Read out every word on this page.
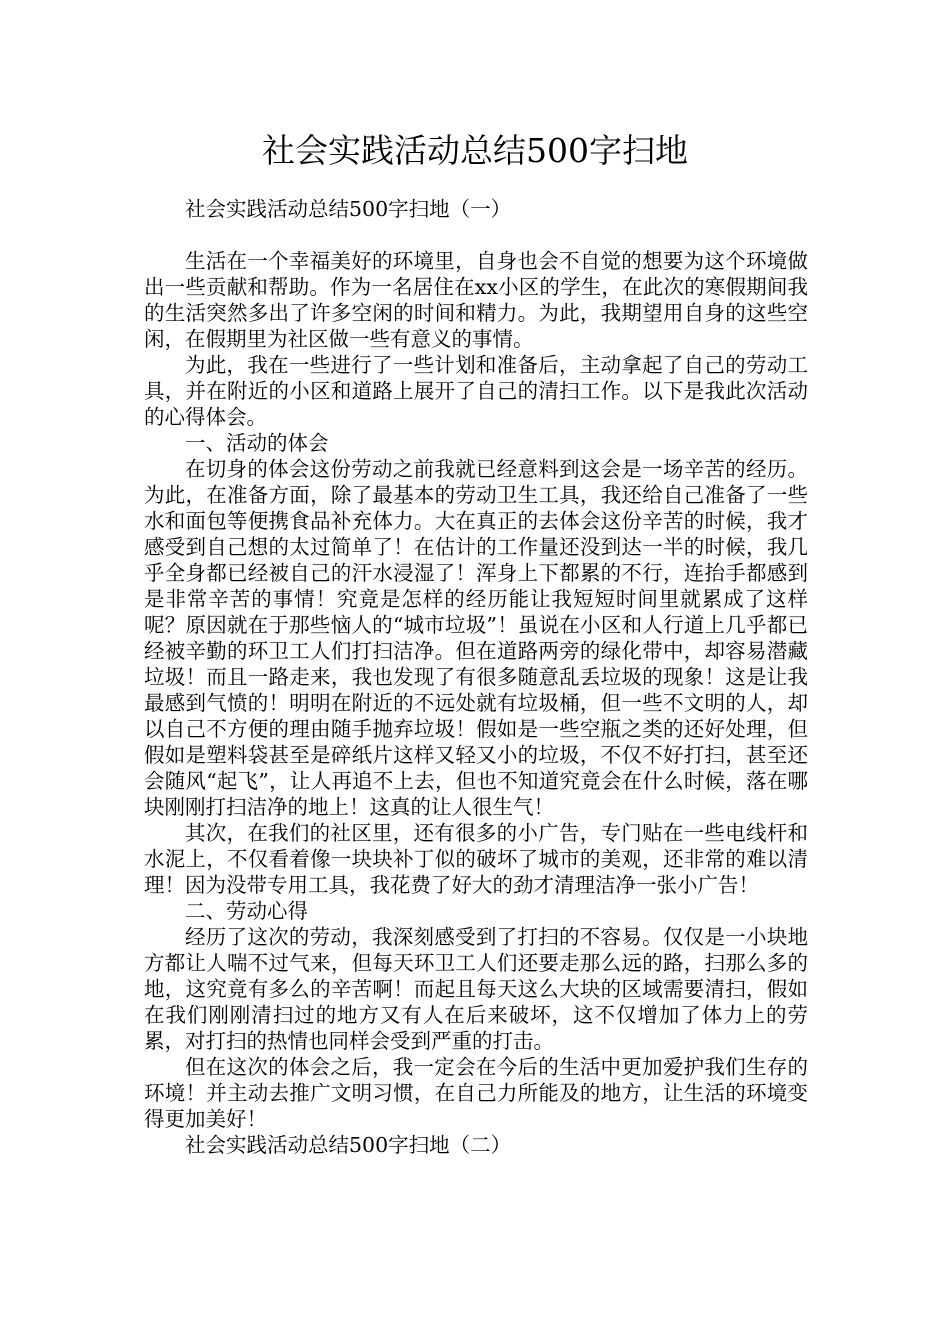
社会实践活动总结500字扫地

社会实践活动总结500字扫地（一）

生活在一个幸福美好的环境里，自身也会不自觉的想要为这个环境做出一些贡献和帮助。作为一名居住在xx小区的学生，在此次的寒假期间我的生活突然多出了许多空闲的时间和精力。为此，我期望用自身的这些空闲，在假期里为社区做一些有意义的事情。

为此，我在一些进行了一些计划和准备后，主动拿起了自己的劳动工具，并在附近的小区和道路上展开了自己的清扫工作。以下是我此次活动的心得体会。

一、活动的体会

在切身的体会这份劳动之前我就已经意料到这会是一场辛苦的经历。为此，在准备方面，除了最基本的劳动卫生工具，我还给自己准备了一些水和面包等便携食品补充体力。大在真正的去体会这份辛苦的时候，我才感受到自己想的太过简单了！在估计的工作量还没到达一半的时候，我几乎全身都已经被自己的汗水浸湿了！浑身上下都累的不行，连抬手都感到是非常辛苦的事情！究竟是怎样的经历能让我短短时间里就累成了这样呢？原因就在于那些恼人的“城市垃圾”！虽说在小区和人行道上几乎都已经被辛勤的环卫工人们打扫洁净。但在道路两旁的绿化带中，却容易潜藏垃圾！而且一路走来，我也发现了有很多随意乱丢垃圾的现象！这是让我最感到气愤的！明明在附近的不远处就有垃圾桶，但一些不文明的人，却以自己不方便的理由随手抛弃垃圾！假如是一些空瓶之类的还好处理，但假如是塑料袋甚至是碎纸片这样又轻又小的垃圾，不仅不好打扫，甚至还会随风“起飞”，让人再追不上去，但也不知道究竟会在什么时候，落在哪块刚刚打扫洁净的地上！这真的让人很生气！

其次，在我们的社区里，还有很多的小广告，专门贴在一些电线杆和水泥上，不仅看着像一块块补丁似的破坏了城市的美观，还非常的难以清理！因为没带专用工具，我花费了好大的劲才清理洁净一张小广告！

二、劳动心得

经历了这次的劳动，我深刻感受到了打扫的不容易。仅仅是一小块地方都让人喘不过气来，但每天环卫工人们还要走那么远的路，扫那么多的地，这究竟有多么的辛苦啊！而起且每天这么大块的区域需要清扫，假如在我们刚刚清扫过的地方又有人在后来破坏，这不仅增加了体力上的劳累，对打扫的热情也同样会受到严重的打击。

但在这次的体会之后，我一定会在今后的生活中更加爱护我们生存的环境！并主动去推广文明习惯，在自己力所能及的地方，让生活的环境变得更加美好！

社会实践活动总结500字扫地（二）
